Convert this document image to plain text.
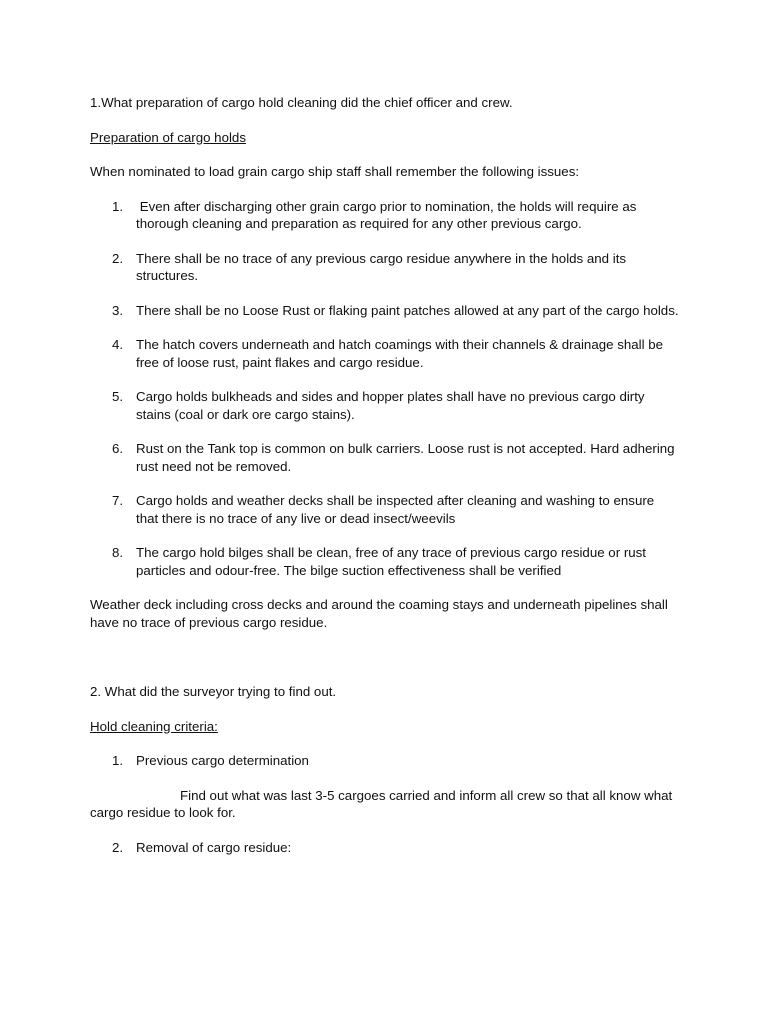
1.What preparation of cargo hold cleaning did the chief officer and crew.

Preparation of cargo holds

When nominated to load grain cargo ship staff shall remember the following issues:

1. Even after discharging other grain cargo prior to nomination, the holds will require as thorough cleaning and preparation as required for any other previous cargo.
2. There shall be no trace of any previous cargo residue anywhere in the holds and its structures.
3. There shall be no Loose Rust or flaking paint patches allowed at any part of the cargo holds.
4. The hatch covers underneath and hatch coamings with their channels & drainage shall be free of loose rust, paint flakes and cargo residue.
5. Cargo holds bulkheads and sides and hopper plates shall have no previous cargo dirty stains (coal or dark ore cargo stains).
6. Rust on the Tank top is common on bulk carriers. Loose rust is not accepted. Hard adhering rust need not be removed.
7. Cargo holds and weather decks shall be inspected after cleaning and washing to ensure that there is no trace of any live or dead insect/weevils
8. The cargo hold bilges shall be clean, free of any trace of previous cargo residue or rust particles and odour-free. The bilge suction effectiveness shall be verified

Weather deck including cross decks and around the coaming stays and underneath pipelines shall have no trace of previous cargo residue.

2. What did the surveyor trying to find out.

Hold cleaning criteria:

1. Previous cargo determination

Find out what was last 3-5 cargoes carried and inform all crew so that all know what cargo residue to look for.

2. Removal of cargo residue:
